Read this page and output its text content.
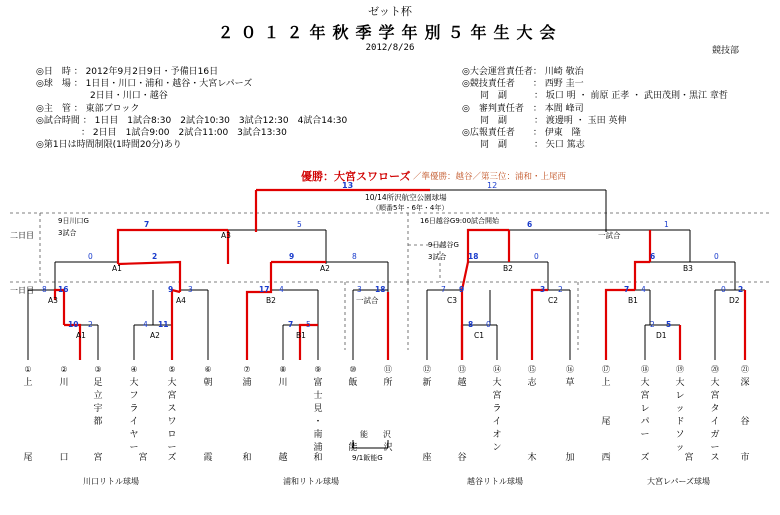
ゼット杯
２０１２年秋季学年別５年生大会
2012/8/26	競技部
◎日　時 ： 2012年9月2日9日・予備日16日
◎球　場 ： 1日目・川口・浦和・越谷・大宮レパーズ
　　　　　　2日目・川口・越谷
◎主　管 ： 東部ブロック
◎試合時間 ： 1日目　1試合8:30　2試合10:30　3試合12:30　4試合14:30
　　　　　： 2日目　1試合9:00　2試合11:00　3試合13:30
◎第1日は時間制限(1時間20分)あり
◎大会運営責任者： 川崎 敬治
◎競技責任者　　： 西野 圭一
　　同　副　　　： 坂口 明 ・ 前原 正孝 ・ 武田茂則・黒江 章哲
◎　審判責任者　： 本間 峰司
　　同　副　　　： 渡邊明 ・ 玉田 英伸
◎広報責任者　　： 伊東　隆
　　同　副　　　： 矢口 篤志
優勝：大宮スワローズ ／準優勝：越谷／第三位：浦和・上尾西
10/14所沢航空公園球場
（順番5年・6年・4年）
13	12
二日目
一日目
9日川口G
3試合
16日越谷G9:00試合開始
9日越谷G
3試合
A3
7	5
A1
0	2
A2
9	8
A3
8 16
A4
9 3
B2
17 4
一試合
3 18
A1
10 2
A2
4 11
B1
7 5
一試合
6	1
B2
18	0
B3
6	0
C3
7 9
C2
3 2
B1
7 4
D2
0 2
C1
8 0
D1
2 5
①
上
尾
②
川
口
③
足
立
宇
都
宮
④
大
フ
ラ
イ
ヤ
ー
宮
⑤
大
宮
ス
ワ
ロ
ー
ズ
⑥
朝
霞
⑦
浦
和
⑧
川
越
⑨
富
士
見
・
南
浦
和
⑩
飯
能
⑪
所
沢
⑫
新
座
⑬
越
谷
⑭
大
宮
ラ
イ
オ
ン
⑮
志
木
⑯
草
加
⑰
上
尾
西
⑱
大
宮
レ
パ
ー
ズ
⑲
大
レ
ッ
ド
ソ
ッ
宮
⑳
大
宮
タ
イ
ガ
ー
ス
㉑
深
谷
市
能 沢
9/1飯能G
川口リトル球場	浦和リトル球場	越谷リトル球場	大宮レパーズ球場
